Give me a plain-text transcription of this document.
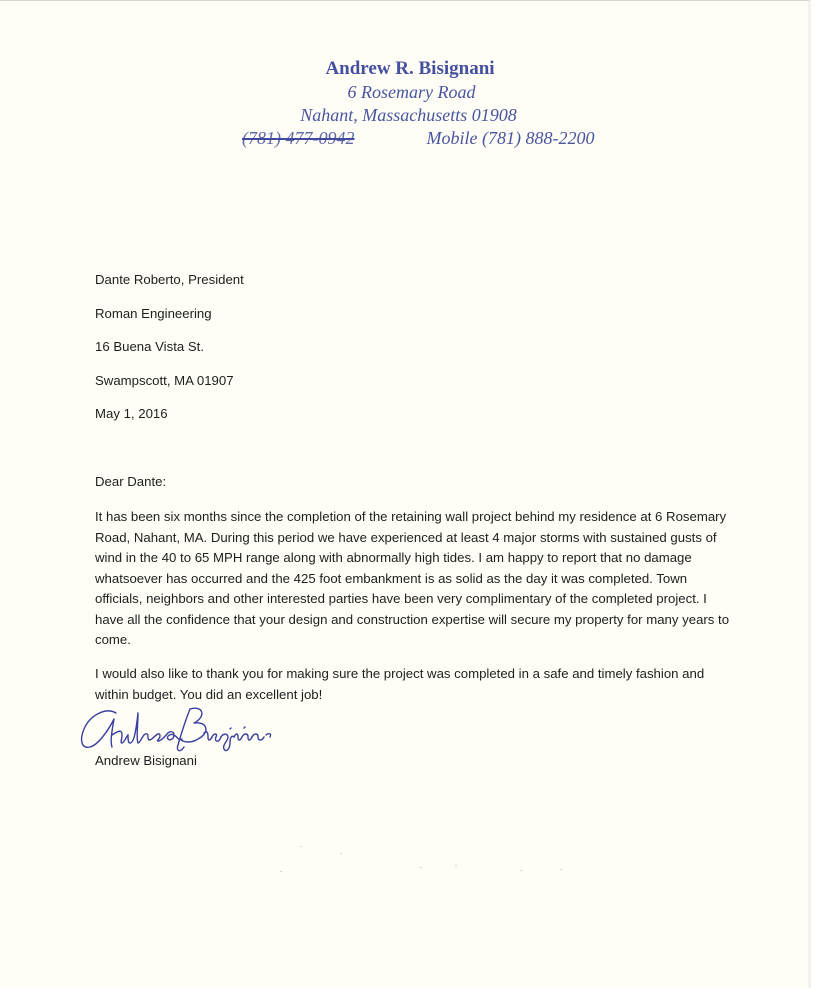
Andrew R. Bisignani
6 Rosemary Road
Nahant, Massachusetts 01908
(781) 477-0942	Mobile (781) 888-2200
Dante Roberto, President
Roman Engineering
16 Buena Vista St.
Swampscott, MA 01907
May 1, 2016
Dear Dante:

It has been six months since the completion of the retaining wall project behind my residence at 6 Rosemary Road, Nahant, MA. During this period we have experienced at least 4 major storms with sustained gusts of wind in the 40 to 65 MPH range along with abnormally high tides. I am happy to report that no damage whatsoever has occurred and the 425 foot embankment is as solid as the day it was completed. Town officials, neighbors and other interested parties have been very complimentary of the completed project. I have all the confidence that your design and construction expertise will secure my property for many years to come.

I would also like to thank you for making sure the project was completed in a safe and timely fashion and within budget. You did an excellent job!

Andrew Bisignani
